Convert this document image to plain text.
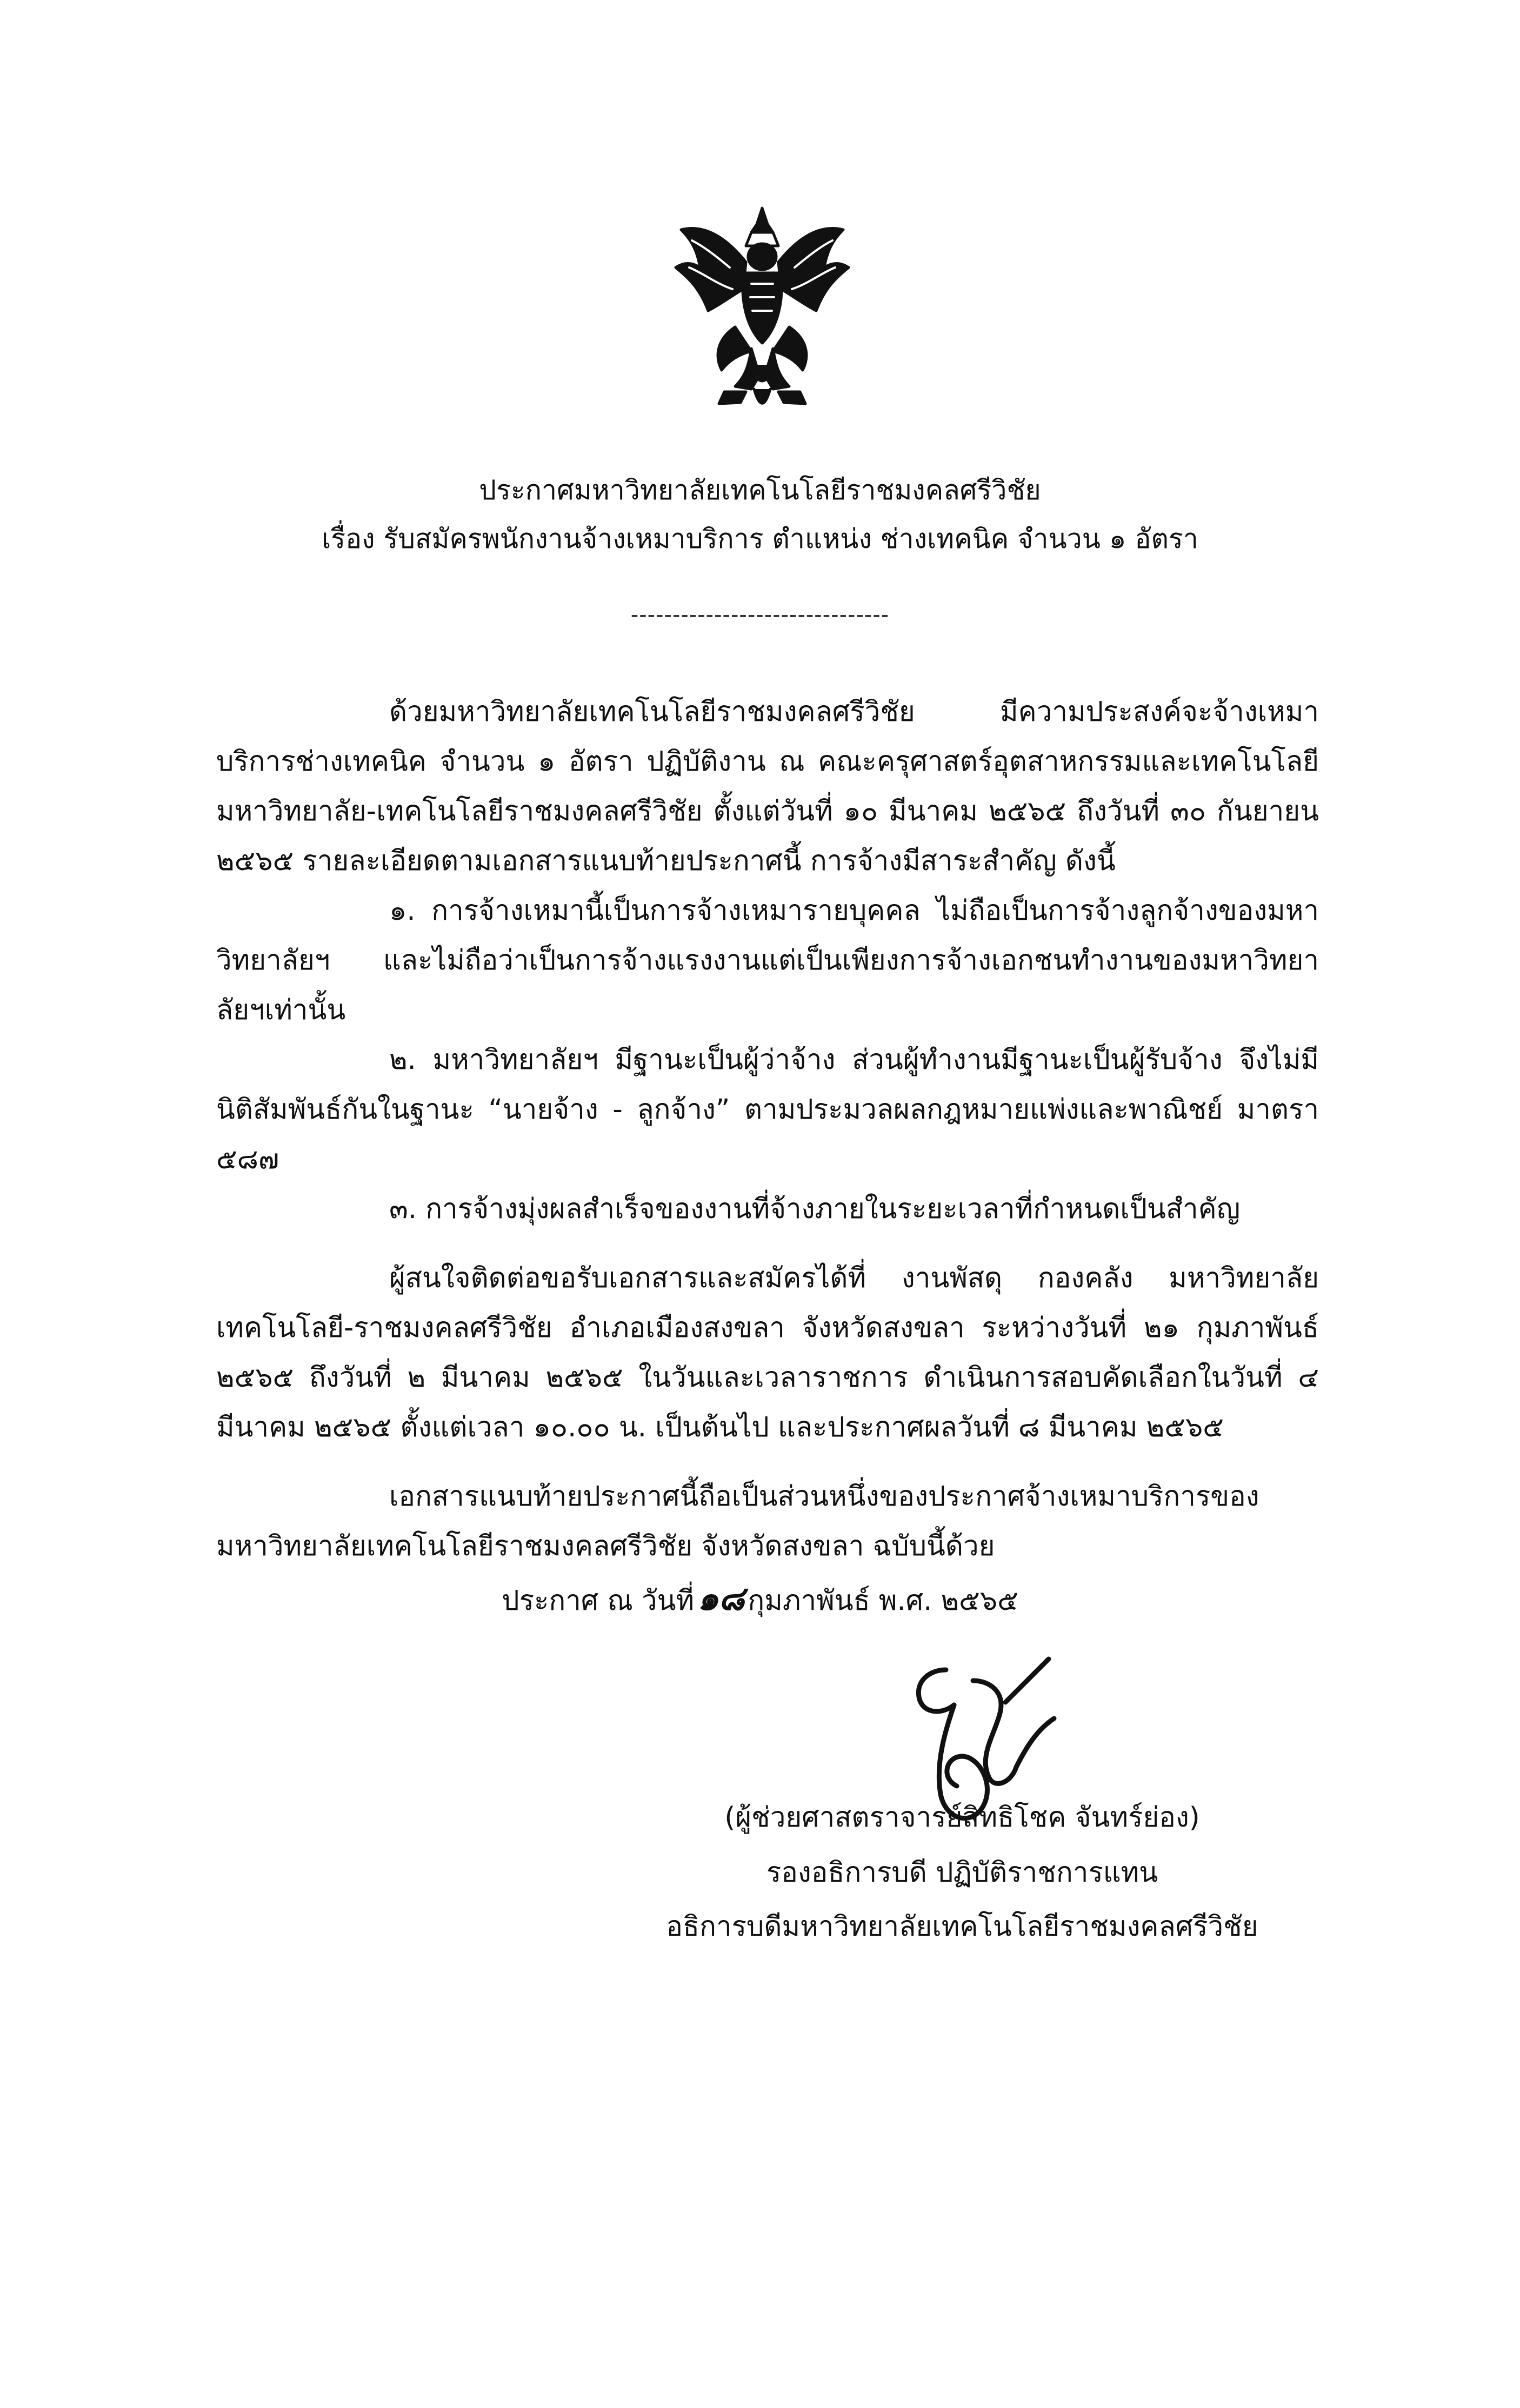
ประกาศมหาวิทยาลัยเทคโนโลยีราชมงคลศรีวิชัย
เรื่อง รับสมัครพนักงานจ้างเหมาบริการ ตำแหน่ง ช่างเทคนิค จำนวน ๑ อัตรา
-------------------------------

ด้วยมหาวิทยาลัยเทคโนโลยีราชมงคลศรีวิชัย มีความประสงค์จะจ้างเหมาบริการช่างเทคนิค จำนวน ๑ อัตรา ปฏิบัติงาน ณ คณะครุศาสตร์อุตสาหกรรมและเทคโนโลยี มหาวิทยาลัย-เทคโนโลยีราชมงคลศรีวิชัย ตั้งแต่วันที่ ๑๐ มีนาคม ๒๕๖๕ ถึงวันที่ ๓๐ กันยายน ๒๕๖๕ รายละเอียดตามเอกสารแนบท้ายประกาศนี้ การจ้างมีสาระสำคัญ ดังนี้

๑. การจ้างเหมานี้เป็นการจ้างเหมารายบุคคล ไม่ถือเป็นการจ้างลูกจ้างของมหาวิทยาลัยฯ และไม่ถือว่าเป็นการจ้างแรงงานแต่เป็นเพียงการจ้างเอกชนทำงานของมหาวิทยาลัยฯเท่านั้น

๒. มหาวิทยาลัยฯ มีฐานะเป็นผู้ว่าจ้าง ส่วนผู้ทำงานมีฐานะเป็นผู้รับจ้าง จึงไม่มีนิติสัมพันธ์กันในฐานะ “นายจ้าง - ลูกจ้าง” ตามประมวลผลกฎหมายแพ่งและพาณิชย์ มาตรา ๕๘๗

๓. การจ้างมุ่งผลสำเร็จของงานที่จ้างภายในระยะเวลาที่กำหนดเป็นสำคัญ

ผู้สนใจติดต่อขอรับเอกสารและสมัครได้ที่ งานพัสดุ กองคลัง มหาวิทยาลัยเทคโนโลยี-ราชมงคลศรีวิชัย อำเภอเมืองสงขลา จังหวัดสงขลา ระหว่างวันที่ ๒๑ กุมภาพันธ์ ๒๕๖๕ ถึงวันที่ ๒ มีนาคม ๒๕๖๕ ในวันและเวลาราชการ ดำเนินการสอบคัดเลือกในวันที่ ๔ มีนาคม ๒๕๖๕ ตั้งแต่เวลา ๑๐.๐๐ น. เป็นต้นไป และประกาศผลวันที่ ๘ มีนาคม ๒๕๖๕

เอกสารแนบท้ายประกาศนี้ถือเป็นส่วนหนึ่งของประกาศจ้างเหมาบริการของมหาวิทยาลัยเทคโนโลยีราชมงคลศรีวิชัย จังหวัดสงขลา ฉบับนี้ด้วย

ประกาศ ณ วันที่๑๘ กุมภาพันธ์ พ.ศ. ๒๕๖๕
(ผู้ช่วยศาสตราจารย์สิทธิโชค จันทร์ย่อง)
รองอธิการบดี ปฏิบัติราชการแทน
อธิการบดีมหาวิทยาลัยเทคโนโลยีราชมงคลศรีวิชัย
